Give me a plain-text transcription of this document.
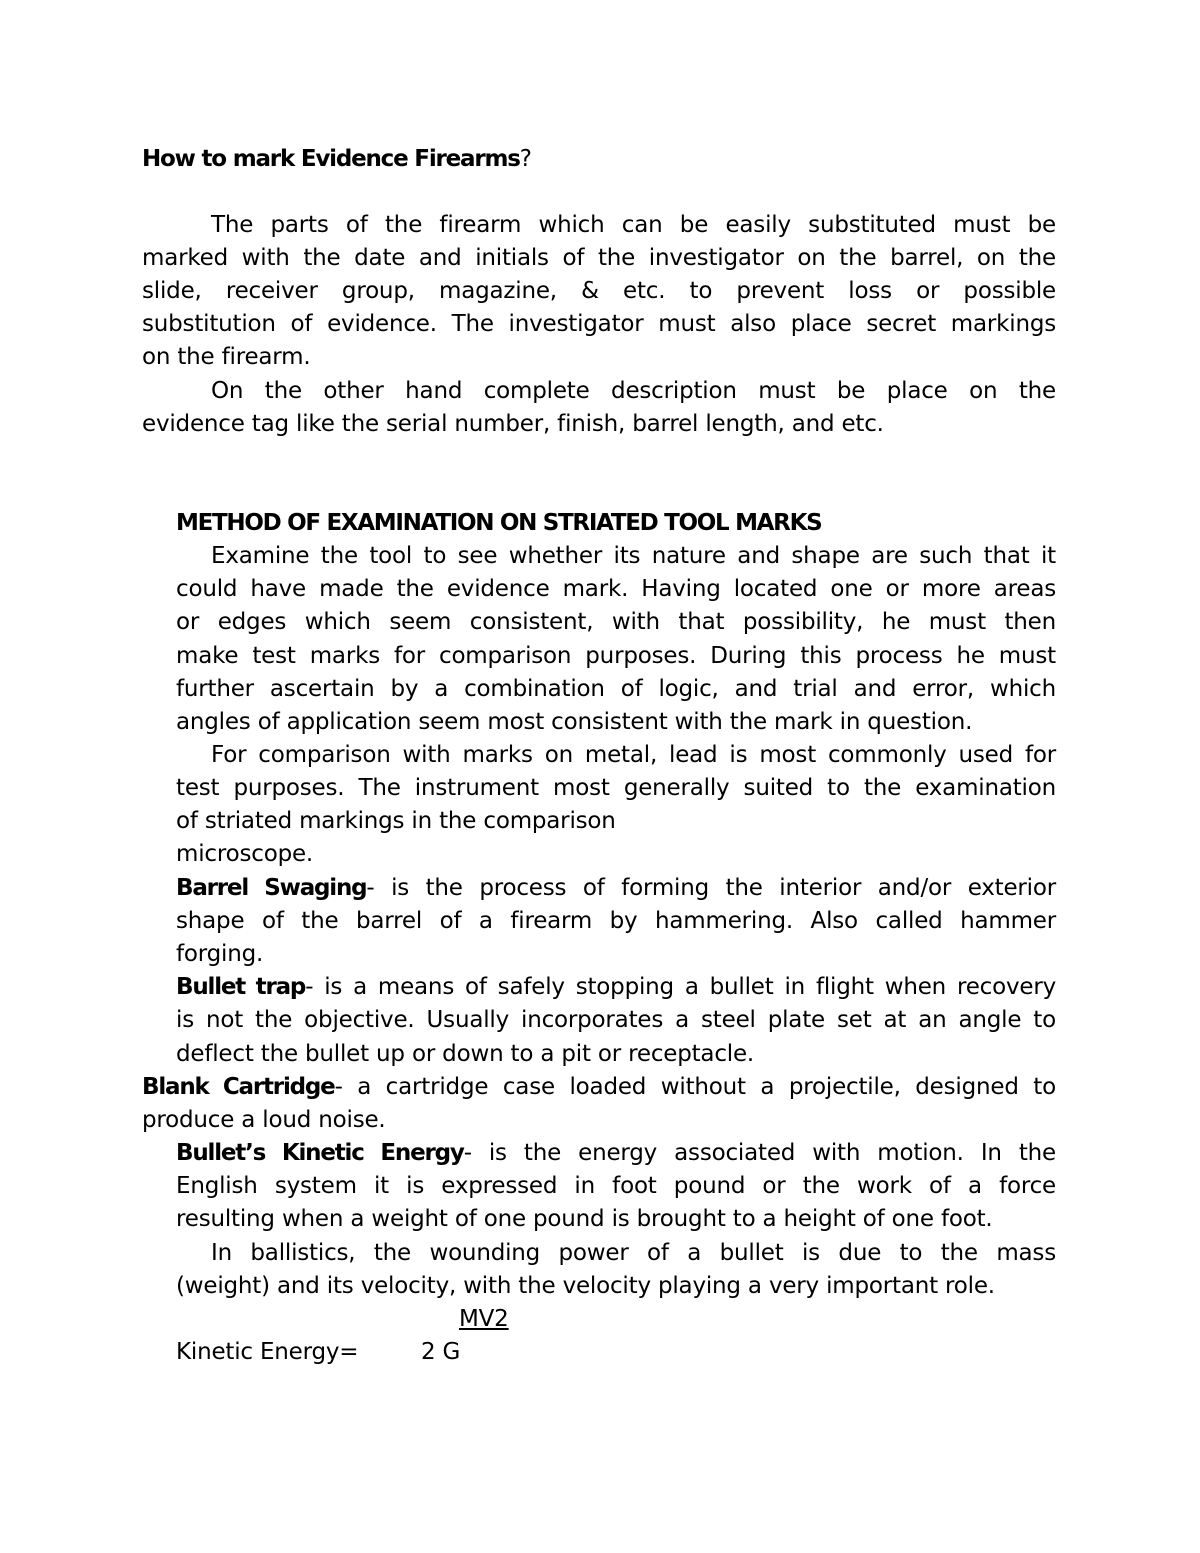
How to mark Evidence Firearms?
The parts of the firearm which can be easily substituted must be
marked with the date and initials of the investigator on the barrel, on the
slide, receiver group, magazine, & etc. to prevent loss or possible
substitution of evidence. The investigator must also place secret markings
on the firearm.
On the other hand complete description must be place on the
evidence tag like the serial number, finish, barrel length, and etc.
METHOD OF EXAMINATION ON STRIATED TOOL MARKS
Examine the tool to see whether its nature and shape are such that it
could have made the evidence mark. Having located one or more areas
or edges which seem consistent, with that possibility, he must then
make test marks for comparison purposes. During this process he must
further ascertain by a combination of logic, and trial and error, which
angles of application seem most consistent with the mark in question.
For comparison with marks on metal, lead is most commonly used for
test purposes. The instrument most generally suited to the examination
of striated markings in the comparison
microscope.
Barrel Swaging- is the process of forming the interior and/or exterior
shape of the barrel of a firearm by hammering. Also called hammer
forging.
Bullet trap- is a means of safely stopping a bullet in flight when recovery
is not the objective. Usually incorporates a steel plate set at an angle to
deflect the bullet up or down to a pit or receptacle.
Blank Cartridge- a cartridge case loaded without a projectile, designed to
produce a loud noise.
Bullet’s Kinetic Energy- is the energy associated with motion. In the
English system it is expressed in foot pound or the work of a force
resulting when a weight of one pound is brought to a height of one foot.
In ballistics, the wounding power of a bullet is due to the mass
(weight) and its velocity, with the velocity playing a very important role.
MV2
Kinetic Energy=	2 G
